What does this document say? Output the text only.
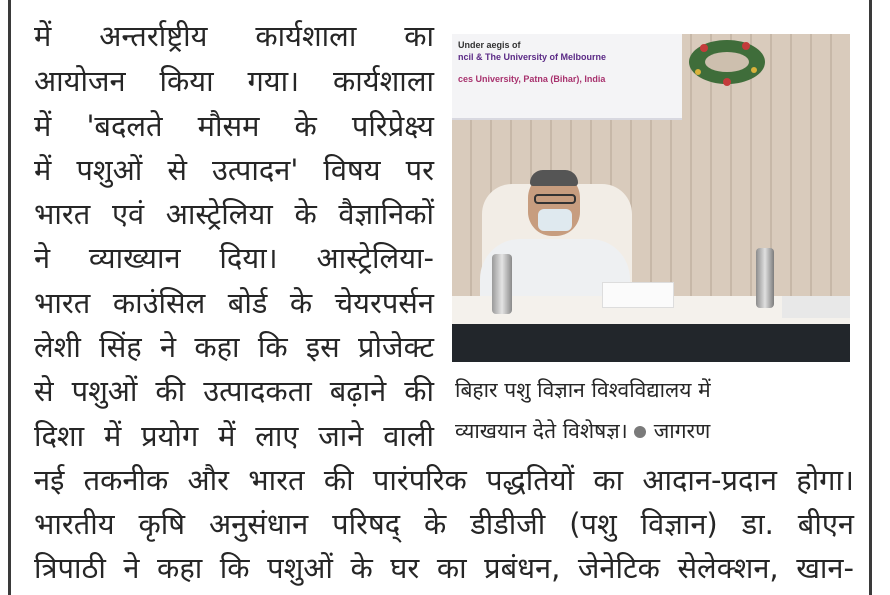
में अन्तर्राष्ट्रीय कार्यशाला का
आयोजन किया गया। कार्यशाला
में 'बदलते मौसम के परिप्रेक्ष्य
में पशुओं से उत्पादन' विषय पर
भारत एवं आस्ट्रेलिया के वैज्ञानिकों
ने व्याख्यान दिया। आस्ट्रेलिया-
भारत काउंसिल बोर्ड के चेयरपर्सन
लेशी सिंह ने कहा कि इस प्रोजेक्ट
से पशुओं की उत्पादकता बढ़ाने की
दिशा में प्रयोग में लाए जाने वाली
Under aegis of
ncil & The University of Melbourne
ces University, Patna (Bihar), India
बिहार पशु विज्ञान विश्वविद्यालय में
व्याखयान देते विशेषज्ञ। जागरण
नई तकनीक और भारत की पारंपरिक पद्धतियों का आदान-प्रदान होगा।
भारतीय कृषि अनुसंधान परिषद् के डीडीजी (पशु विज्ञान) डा. बीएन
त्रिपाठी ने कहा कि पशुओं के घर का प्रबंधन, जेनेटिक सेलेक्शन, खान-
